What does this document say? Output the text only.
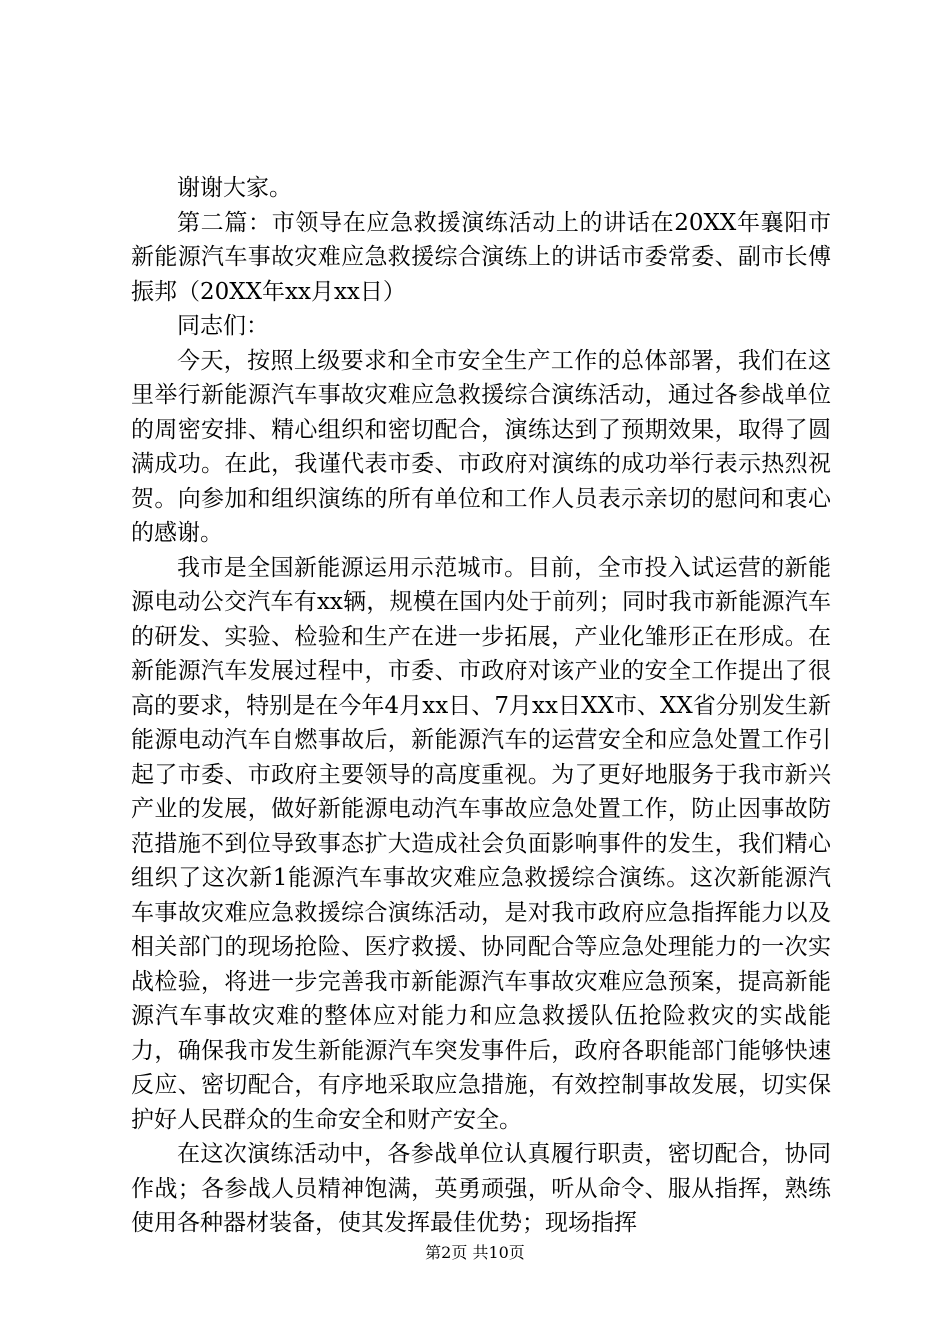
谢谢大家。

第二篇：市领导在应急救援演练活动上的讲话在20XX年襄阳市新能源汽车事故灾难应急救援综合演练上的讲话市委常委、副市长傅振邦（20XX年xx月xx日）

同志们：

今天，按照上级要求和全市安全生产工作的总体部署，我们在这里举行新能源汽车事故灾难应急救援综合演练活动，通过各参战单位的周密安排、精心组织和密切配合，演练达到了预期效果，取得了圆满成功。在此，我谨代表市委、市政府对演练的成功举行表示热烈祝贺。向参加和组织演练的所有单位和工作人员表示亲切的慰问和衷心的感谢。

我市是全国新能源运用示范城市。目前，全市投入试运营的新能源电动公交汽车有xx辆，规模在国内处于前列；同时我市新能源汽车的研发、实验、检验和生产在进一步拓展，产业化雏形正在形成。在新能源汽车发展过程中，市委、市政府对该产业的安全工作提出了很高的要求，特别是在今年4月xx日、7月xx日XX市、XX省分别发生新能源电动汽车自燃事故后，新能源汽车的运营安全和应急处置工作引起了市委、市政府主要领导的高度重视。为了更好地服务于我市新兴产业的发展，做好新能源电动汽车事故应急处置工作，防止因事故防范措施不到位导致事态扩大造成社会负面影响事件的发生，我们精心组织了这次新1能源汽车事故灾难应急救援综合演练。这次新能源汽车事故灾难应急救援综合演练活动，是对我市政府应急指挥能力以及相关部门的现场抢险、医疗救援、协同配合等应急处理能力的一次实战检验，将进一步完善我市新能源汽车事故灾难应急预案，提高新能源汽车事故灾难的整体应对能力和应急救援队伍抢险救灾的实战能力，确保我市发生新能源汽车突发事件后，政府各职能部门能够快速反应、密切配合，有序地采取应急措施，有效控制事故发展，切实保护好人民群众的生命安全和财产安全。

在这次演练活动中，各参战单位认真履行职责，密切配合，协同作战；各参战人员精神饱满，英勇顽强，听从命令、服从指挥，熟练使用各种器材装备，使其发挥最佳优势；现场指挥

第2页 共10页
